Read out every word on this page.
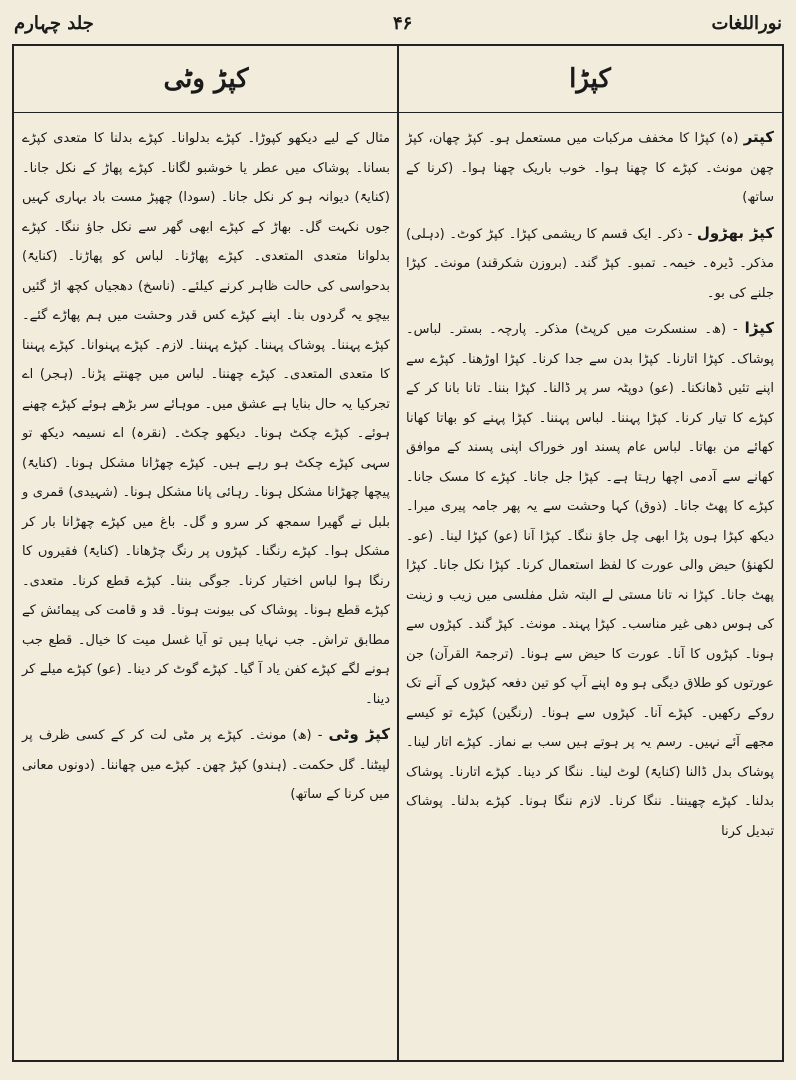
نوراللغات
۴۶
جلد چہارم
کپڑا
کپتر (ہ) کپڑا کا مخفف مرکبات میں مستعمل ہو۔ کپڑ چھان، کپڑ چھن مونث۔ کپڑے کا چھنا ہوا۔ خوب باریک چھنا ہوا۔ (کرنا کے ساتھ)
کپڑ بھڑول - ذکر۔ ایک قسم کا ریشمی کپڑا۔ کپڑ کوٹ۔ (دہلی) مذکر۔ ڈیرہ۔ خیمہ۔ تمبو۔ کپڑ گند۔ (بروزن شکرقند) مونث۔ کپڑا جلنے کی بو۔
کپڑا - (ھ۔ سنسکرت میں کرپٹ) مذکر۔ پارچہ۔ بستر۔ لباس۔ پوشاک۔ کپڑا اتارنا۔ کپڑا بدن سے جدا کرنا۔ کپڑا اوڑھنا۔ کپڑے سے اپنے تئیں ڈھانکنا۔ (عو) دوپٹہ سر پر ڈالنا۔ کپڑا بننا۔ تانا بانا کر کے کپڑے کا تیار کرنا۔ کپڑا پہننا۔ لباس پہننا۔ کپڑا پہنے کو بھاتا کھانا کھائے من بھاتا۔ لباس عام پسند اور خوراک اپنی پسند کے موافق کھانے سے آدمی اچھا رہتا ہے۔ کپڑا جل جانا۔ کپڑے کا مسک جانا۔ کپڑے کا پھٹ جانا۔ (ذوق) کہا وحشت سے یہ پھر جامہ پیری میرا۔ دیکھ کپڑا ہوں پڑا ابھی چل جاؤ ننگا۔ کپڑا آنا (عو) کپڑا لینا۔ (عو۔ لکھنؤ) حیض والی عورت کا لفظ استعمال کرنا۔ کپڑا نکل جانا۔ کپڑا پھٹ جانا۔ کپڑا نہ تانا مستی لے البتہ شل مفلسی میں زیب و زینت کی ہوس دھی غیر مناسب۔ کپڑا پہند۔ مونث۔ کپڑ گند۔ کپڑوں سے ہونا۔ کپڑوں کا آنا۔ عورت کا حیض سے ہونا۔ (ترجمۃ القرآن) جن عورتوں کو طلاق دیگی ہو وہ اپنے آپ کو تین دفعہ کپڑوں کے آنے تک روکے رکھیں۔ کپڑے آنا۔ کپڑوں سے ہونا۔ (رنگین) کپڑے تو کیسے مجھے آئے نہیں۔ رسم یہ پر ہوتے ہیں سب بے نماز۔ کپڑے اتار لینا۔ پوشاک بدل ڈالنا (کنایۃً) لوٹ لینا۔ ننگا کر دینا۔ کپڑے اتارنا۔ پوشاک بدلنا۔ کپڑے چھیننا۔ ننگا کرنا۔ لازم ننگا ہونا۔ کپڑے بدلنا۔ پوشاک تبدیل کرنا
کپڑ وٹی
مثال کے لیے دیکھو کپوڑا۔ کپڑے بدلوانا۔ کپڑے بدلنا کا متعدی کپڑے بسانا۔ پوشاک میں عطر یا خوشبو لگانا۔ کپڑے پھاڑ کے نکل جانا۔ (کنایۃً) دیوانہ ہو کر نکل جانا۔ (سودا) چھپڑ مست باد بہاری کہیں جوں نکہت گل۔ بھاڑ کے کپڑے ابھی گھر سے نکل جاؤ ننگا۔ کپڑے بدلوانا متعدی المتعدی۔ کپڑے پھاڑنا۔ لباس کو پھاڑنا۔ (کنایۃً) بدحواسی کی حالت ظاہر کرنے کیلئے۔ (ناسخ) دھجیاں کچھ اڑ گئیں بیچو یہ گردوں بنا۔ اپنے کپڑے کس قدر وحشت میں ہم پھاڑے گئے۔ کپڑے پہننا۔ پوشاک پہننا۔ کپڑے پہننا۔ لازم۔ کپڑے پہنوانا۔ کپڑے پہننا کا متعدی المتعدی۔ کپڑے چھننا۔ لباس میں چھنتے پڑنا۔ (ہجر) اے تجرکیا یہ حال بنایا ہے عشق میں۔ موہائے سر بڑھے ہوئے کپڑے چھنے ہوئے۔ کپڑے چکٹ ہونا۔ دیکھو چکٹ۔ (نقرہ) اے نسیمہ دیکھ تو سہی کپڑے چکٹ ہو رہے ہیں۔ کپڑے چھڑانا مشکل ہونا۔ (کنایۃً) پیچھا چھڑانا مشکل ہونا۔ رہائی پانا مشکل ہونا۔ (شہیدی) قمری و بلبل نے گھیرا سمجھ کر سرو و گل۔ باغ میں کپڑے چھڑانا بار کر مشکل ہوا۔ کپڑے رنگنا۔ کپڑوں پر رنگ چڑھانا۔ (کنایۃً) فقیروں کا رنگا ہوا لباس اختیار کرنا۔ جوگی بننا۔ کپڑے قطع کرنا۔ متعدی۔ کپڑے قطع ہونا۔ پوشاک کی بیونت ہونا۔ قد و قامت کی پیمائش کے مطابق تراش۔ جب نہایا ہیں تو آیا غسل میت کا خیال۔ قطع جب ہونے لگے کپڑے کفن یاد آ گیا۔ کپڑے گوٹ کر دینا۔ (عو) کپڑے میلے کر دینا۔
کپڑ وٹی - (ھ) مونث۔ کپڑے پر مٹی لت کر کے کسی ظرف پر لپیٹنا۔ گل حکمت۔ (ہندو) کپڑ چھن۔ کپڑے میں چھاننا۔ (دونوں معانی میں کرنا کے ساتھ)
